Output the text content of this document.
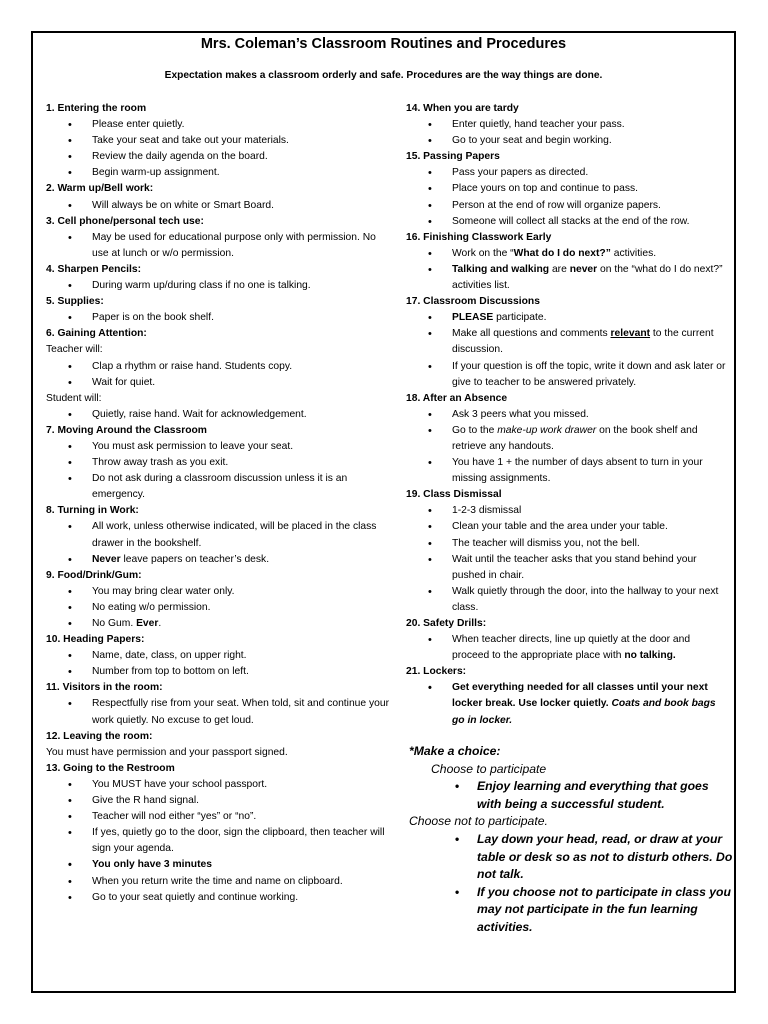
Mrs. Coleman’s Classroom Routines and Procedures
Expectation makes a classroom orderly and safe. Procedures are the way things are done.
1. Entering the room
• Please enter quietly.
• Take your seat and take out your materials.
• Review the daily agenda on the board.
• Begin warm-up assignment.
2. Warm up/Bell work:
• Will always be on white or Smart Board.
3. Cell phone/personal tech use:
• May be used for educational purpose only with permission. No use at lunch or w/o permission.
4. Sharpen Pencils:
• During warm up/during class if no one is talking.
5. Supplies:
• Paper is on the book shelf.
6. Gaining Attention:
Teacher will:
• Clap a rhythm or raise hand. Students copy.
• Wait for quiet.
Student will:
• Quietly, raise hand. Wait for acknowledgement.
7. Moving Around the Classroom
• You must ask permission to leave your seat.
• Throw away trash as you exit.
• Do not ask during a classroom discussion unless it is an emergency.
8. Turning in Work:
• All work, unless otherwise indicated, will be placed in the class drawer in the bookshelf.
• Never leave papers on teacher’s desk.
9. Food/Drink/Gum:
• You may bring clear water only.
• No eating w/o permission.
• No Gum. Ever.
10. Heading Papers:
• Name, date, class, on upper right.
• Number from top to bottom on left.
11. Visitors in the room:
• Respectfully rise from your seat. When told, sit and continue your work quietly. No excuse to get loud.
12. Leaving the room:
You must have permission and your passport signed.
13. Going to the Restroom
• You MUST have your school passport.
• Give the R hand signal.
• Teacher will nod either “yes” or “no”.
• If yes, quietly go to the door, sign the clipboard, then teacher will sign your agenda.
• You only have 3 minutes
• When you return write the time and name on clipboard.
• Go to your seat quietly and continue working.
14. When you are tardy
• Enter quietly, hand teacher your pass.
• Go to your seat and begin working.
15. Passing Papers
• Pass your papers as directed.
• Place yours on top and continue to pass.
• Person at the end of row will organize papers.
• Someone will collect all stacks at the end of the row.
16. Finishing Classwork Early
• Work on the “What do I do next?” activities.
• Talking and walking are never on the “what do I do next?” activities list.
17. Classroom Discussions
• PLEASE participate.
• Make all questions and comments relevant to the current discussion.
• If your question is off the topic, write it down and ask later or give to teacher to be answered privately.
18. After an Absence
• Ask 3 peers what you missed.
• Go to the make-up work drawer on the book shelf and retrieve any handouts.
• You have 1 + the number of days absent to turn in your missing assignments.
19. Class Dismissal
• 1-2-3 dismissal
• Clean your table and the area under your table.
• The teacher will dismiss you, not the bell.
• Wait until the teacher asks that you stand behind your pushed in chair.
• Walk quietly through the door, into the hallway to your next class.
20. Safety Drills:
• When teacher directs, line up quietly at the door and proceed to the appropriate place with no talking.
21. Lockers:
• Get everything needed for all classes until your next locker break. Use locker quietly. Coats and book bags go in locker.
*Make a choice:
Choose to participate
• Enjoy learning and everything that goes with being a successful student.
Choose not to participate.
• Lay down your head, read, or draw at your table or desk so as not to disturb others. Do not talk.
• If you choose not to participate in class you may not participate in the fun learning activities.
